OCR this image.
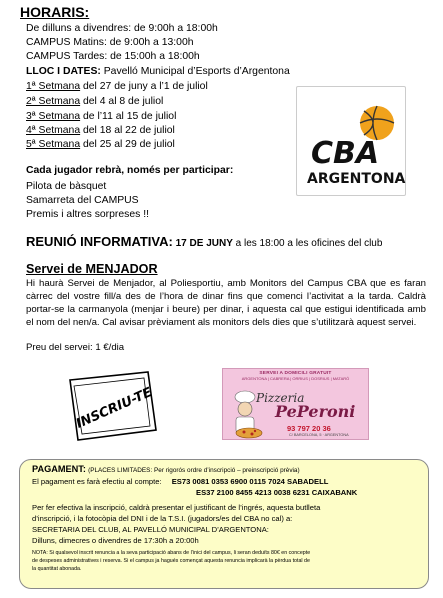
HORARIS:
De dilluns a divendres: de 9:00h a 18:00h
CAMPUS Matins: de 9:00h a 13:00h
CAMPUS Tardes: de 15:00h a 18:00h
LLOC I DATES: Pavelló Municipal d’Esports d’Argentona
1ª Setmana del 27 de juny a l’1 de juliol
2ª Setmana del 4 al 8 de juliol
3ª Setmana de l’11 al 15 de juliol
4ª Setmana del 18 al 22 de juliol
5ª Setmana del 25 al 29 de juliol	CBA
ARGENTONA
Cada jugador rebrà, només per participar:
Pilota de bàsquet
Samarreta del CAMPUS
Premis i altres sorpreses !!
REUNIÓ INFORMATIVA: 17 DE JUNY a les 18:00 a les oficines del club
Servei de MENJADOR
Hi haurà Servei de Menjador, al Poliesportiu, amb Monitors del Campus CBA que es faran càrrec del vostre fill/a des de l’hora de dinar fins que comenci l’activitat a la tarda. Caldrà portar-se la carmanyola (menjar i beure) per dinar, i aquesta cal que estigui identificada amb el nom del nen/a. Cal avisar prèviament als monitors dels dies que s’utilitzarà aquest servei.
Preu del servei: 1 €/dia
INSCRIU-TE
SERVEI A DOMICILI GRATUIT
ARGENTONA | CABRERA | ORRIUS | DOSRIUS | MATARÓ
Pizzeria
PePeroni
93 797 20 36
C/ BARCELONA, 5 · ARGENTONA
PAGAMENT: (PLACES LIMITADES: Per rigorós ordre d’inscripció – preinscripció prèvia)
El pagament es farà efectiu al compte: ES73 0081 0353 6900 0115 7024 SABADELL
ES37 2100 8455 4213 0038 6231 CAIXABANK
Per fer efectiva la inscripció, caldrà presentar el justificant de l’ingrés, aquesta butlleta
d’inscripció, i la fotocòpia del DNI i de la T.S.I. (jugadors/es del CBA no cal) a:
SECRETARIA DEL CLUB, AL PAVELLÓ MUNICIPAL D’ARGENTONA:
Dilluns, dimecres o divendres de 17:30h a 20:00h
NOTA: Si qualsevol inscrit renuncia a la seva participació abans de l’inici del campus, li seran deduïts 80€ en concepte
de despeses administratives i reserva. Si el campus ja hagués començat aquesta renuncia implicarà la pèrdua total de
la quantitat abonada.
